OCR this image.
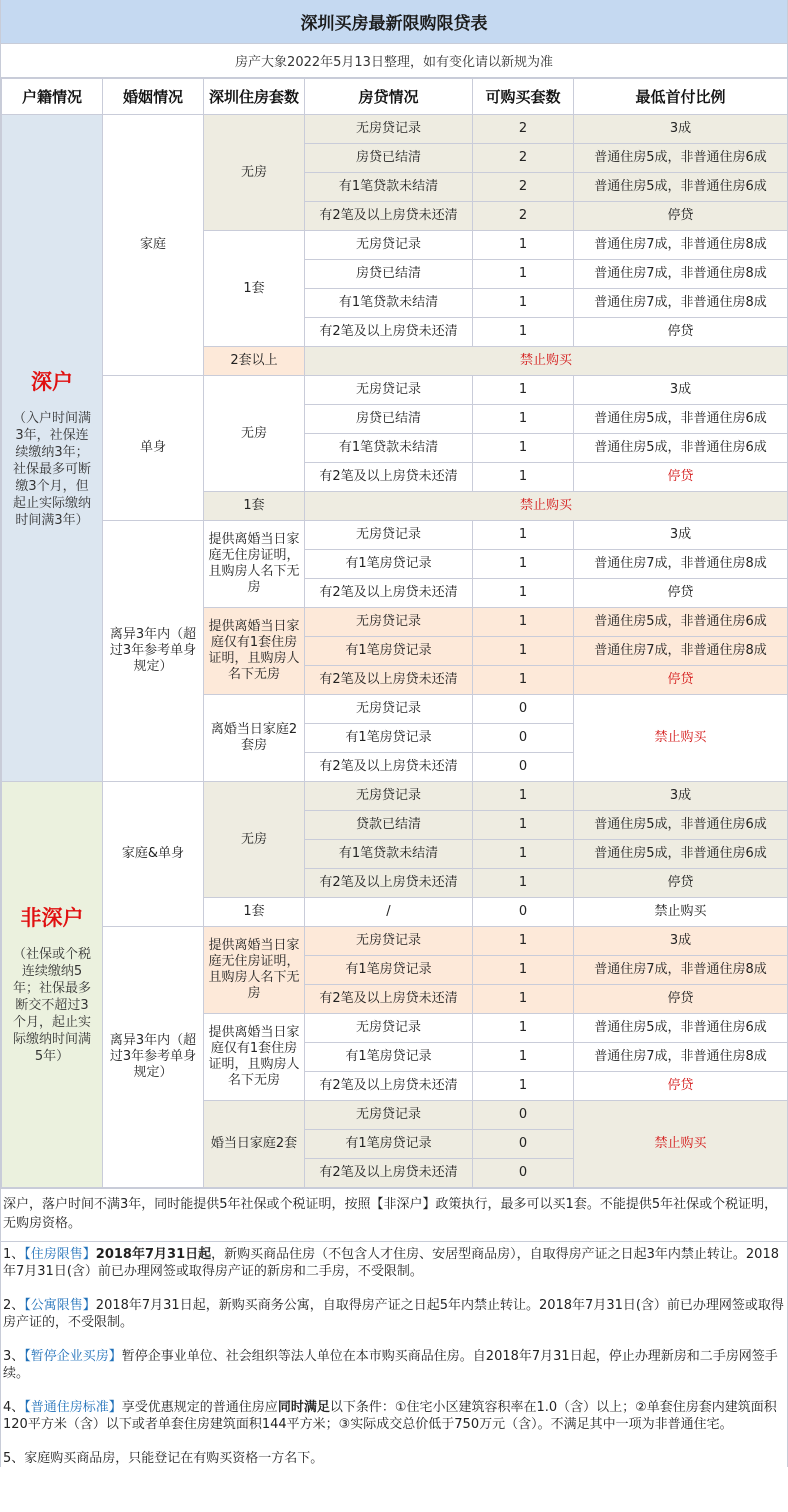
深圳买房最新限购限贷表
房产大象2022年5月13日整理，如有变化请以新规为准
户籍情况	婚姻情况	深圳住房套数	房贷情况	可购买套数	最低首付比例

深户
（入户时间满3年，社保连续缴纳3年；社保最多可断缴3个月，但起止实际缴纳时间满3年）	家庭	无房	无房贷记录	2	3成
			房贷已结清	2	普通住房5成，非普通住房6成
			有1笔贷款未结清	2	普通住房5成，非普通住房6成
			有2笔及以上房贷未还清	2	停贷
		1套	无房贷记录	1	普通住房7成，非普通住房8成
			房贷已结清	1	普通住房7成，非普通住房8成
			有1笔贷款未结清	1	普通住房7成，非普通住房8成
			有2笔及以上房贷未还清	1	停贷
		2套以上	禁止购买		
	单身	无房	无房贷记录	1	3成
			房贷已结清	1	普通住房5成，非普通住房6成
			有1笔贷款未结清	1	普通住房5成，非普通住房6成
			有2笔及以上房贷未还清	1	停贷
		1套	禁止购买		
	离异3年内（超过3年参考单身规定）	提供离婚当日家庭无住房证明，且购房人名下无房	无房贷记录	1	3成
			有1笔房贷记录	1	普通住房7成，非普通住房8成
			有2笔及以上房贷未还清	1	停贷
		提供离婚当日家庭仅有1套住房证明，且购房人名下无房	无房贷记录	1	普通住房5成，非普通住房6成
			有1笔房贷记录	1	普通住房7成，非普通住房8成
			有2笔及以上房贷未还清	1	停贷
		离婚当日家庭2套房	无房贷记录	0	禁止购买
			有1笔房贷记录	0	
			有2笔及以上房贷未还清	0	

非深户
（社保或个税连续缴纳5年；社保最多断交不超过3个月，起止实际缴纳时间满5年）	家庭&单身	无房	无房贷记录	1	3成
			贷款已结清	1	普通住房5成，非普通住房6成
			有1笔贷款未结清	1	普通住房5成，非普通住房6成
			有2笔及以上房贷未还清	1	停贷
		1套	/	0	禁止购买
	离异3年内（超过3年参考单身规定）	提供离婚当日家庭无住房证明，且购房人名下无房	无房贷记录	1	3成
			有1笔房贷记录	1	普通住房7成，非普通住房8成
			有2笔及以上房贷未还清	1	停贷
		提供离婚当日家庭仅有1套住房证明，且购房人名下无房	无房贷记录	1	普通住房5成，非普通住房6成
			有1笔房贷记录	1	普通住房7成，非普通住房8成
			有2笔及以上房贷未还清	1	停贷
		婚当日家庭2套	无房贷记录	0	禁止购买
			有1笔房贷记录	0	
			有2笔及以上房贷未还清	0	
深户，落户时间不满3年，同时能提供5年社保或个税证明，按照【非深户】政策执行，最多可以买1套。不能提供5年社保或个税证明，无购房资格。
1、【住房限售】2018年7月31日起，新购买商品住房（不包含人才住房、安居型商品房），自取得房产证之日起3年内禁止转让。2018年7月31日(含）前已办理网签或取得房产证的新房和二手房，不受限制。
2、【公寓限售】2018年7月31日起，新购买商务公寓，自取得房产证之日起5年内禁止转让。2018年7月31日(含）前已办理网签或取得房产证的，不受限制。
3、【暂停企业买房】暂停企事业单位、社会组织等法人单位在本市购买商品住房。自2018年7月31日起，停止办理新房和二手房网签手续。
4、【普通住房标准】享受优惠规定的普通住房应同时满足以下条件：①住宅小区建筑容积率在1.0（含）以上；②单套住房套内建筑面积120平方米（含）以下或者单套住房建筑面积144平方米；③实际成交总价低于750万元（含）。不满足其中一项为非普通住宅。
5、家庭购买商品房，只能登记在有购买资格一方名下。
